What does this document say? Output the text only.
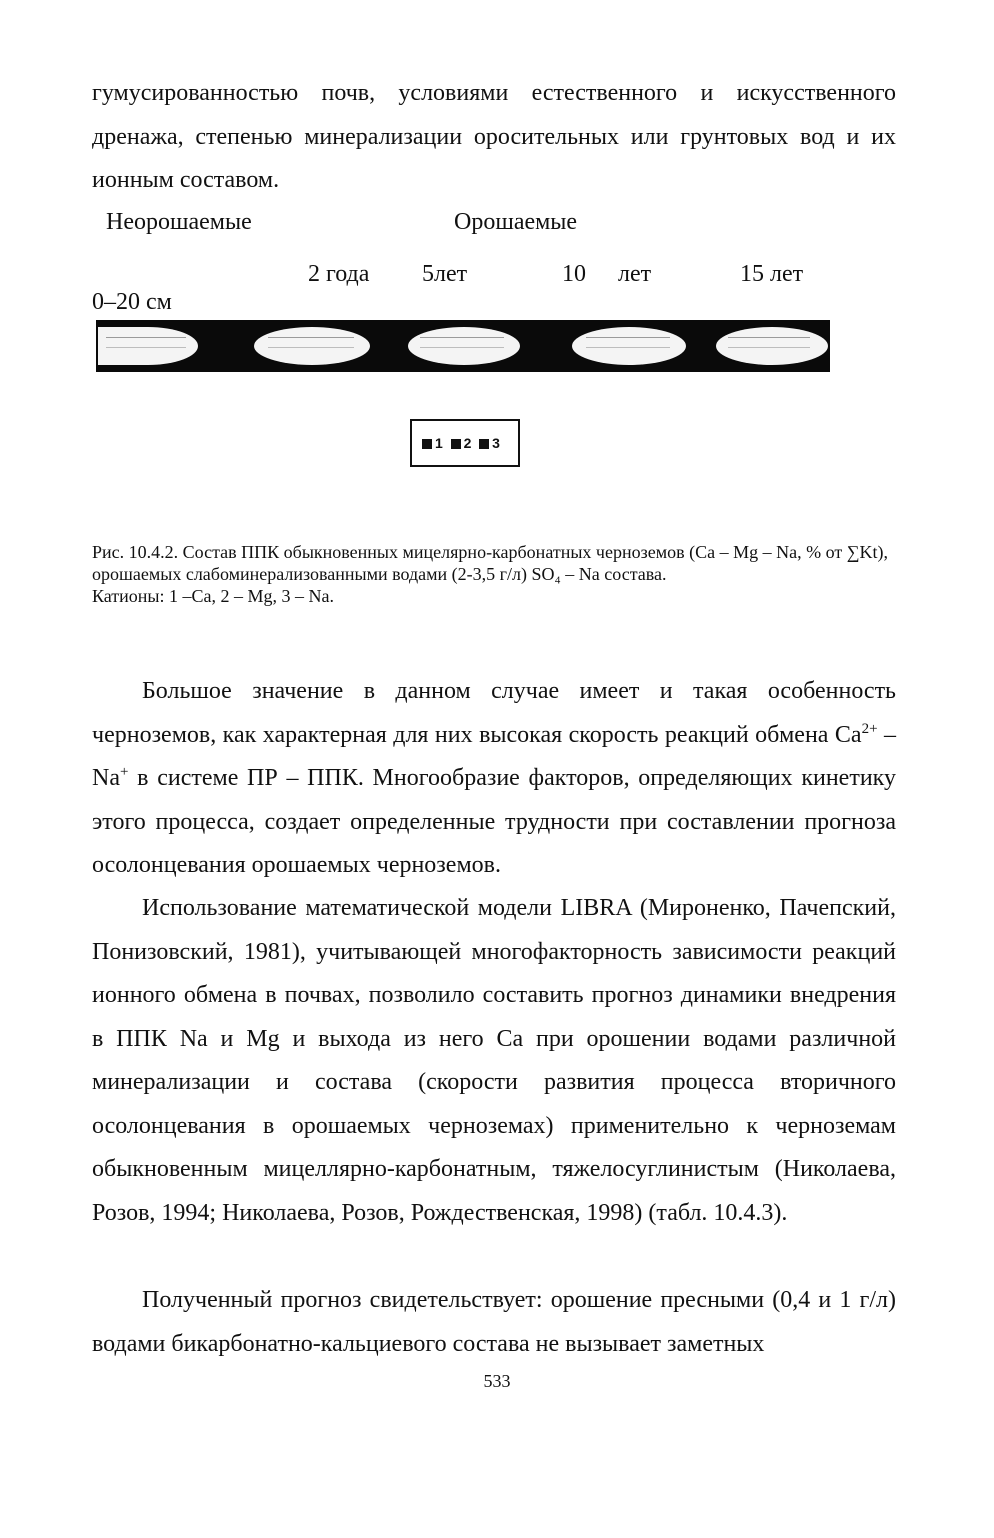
гумусированностью почв, условиями естественного и искусственного дренажа, степенью минерализации оросительных или грунтовых вод и их ионным составом.

Неорошаемые	Орошаемые
2 года 5лет	10 лет	15 лет
0–20 см
1 2 3

Рис. 10.4.2. Состав ППК обыкновенных мицелярно-карбонатных черноземов (Ca – Mg – Na, % от ∑Kt), орошаемых слабоминерализованными водами (2-3,5 г/л) SO₄ – Na состава.

Катионы: 1 –Ca, 2 – Mg, 3 – Na.

Большое значение в данном случае имеет и такая особенность черноземов, как характерная для них высокая скорость реакций обмена $Ca^{2+} - Na^+$ в системе ПР – ППК. Многообразие факторов, определяющих кинетику этого процесса, создает определенные трудности при составлении прогноза осолонцевания орошаемых черноземов.

Использование математической модели LIBRA (Мироненко, Пачепский, Понизовский, 1981), учитывающей многофакторность зависимости реакций ионного обмена в почвах, позволило составить прогноз динамики внедрения в ППК Na и Mg и выхода из него Ca при орошении водами различной минерализации и состава (скорости развития процесса вторичного осолонцевания в орошаемых черноземах) применительно к черноземам обыкновенным мицеллярно-карбонатным, тяжелосуглинистым (Николаева, Розов, 1994; Николаева, Розов, Рождественская, 1998) (табл. 10.4.3).

Полученный прогноз свидетельствует: орошение пресными (0,4 и 1 г/л) водами бикарбонатно-кальциевого состава не вызывает заметных

533
